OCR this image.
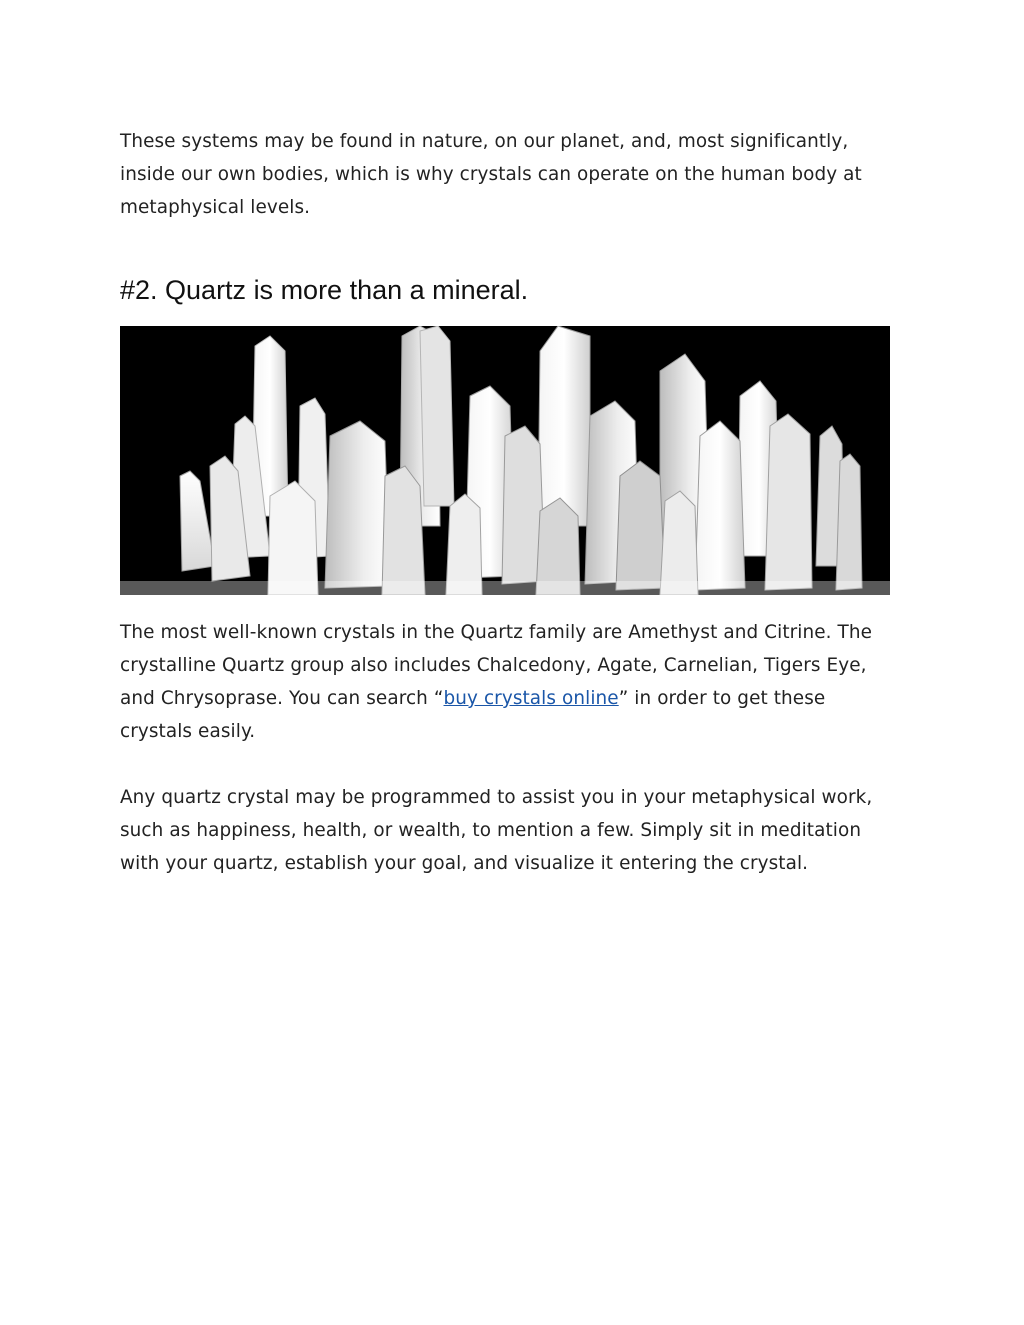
These systems may be found in nature, on our planet, and, most significantly, inside our own bodies, which is why crystals can operate on the human body at metaphysical levels.

#2. Quartz is more than a mineral.

The most well-known crystals in the Quartz family are Amethyst and Citrine. The crystalline Quartz group also includes Chalcedony, Agate, Carnelian, Tigers Eye, and Chrysoprase. You can search “buy crystals online” in order to get these crystals easily.

Any quartz crystal may be programmed to assist you in your metaphysical work, such as happiness, health, or wealth, to mention a few. Simply sit in meditation with your quartz, establish your goal, and visualize it entering the crystal.
